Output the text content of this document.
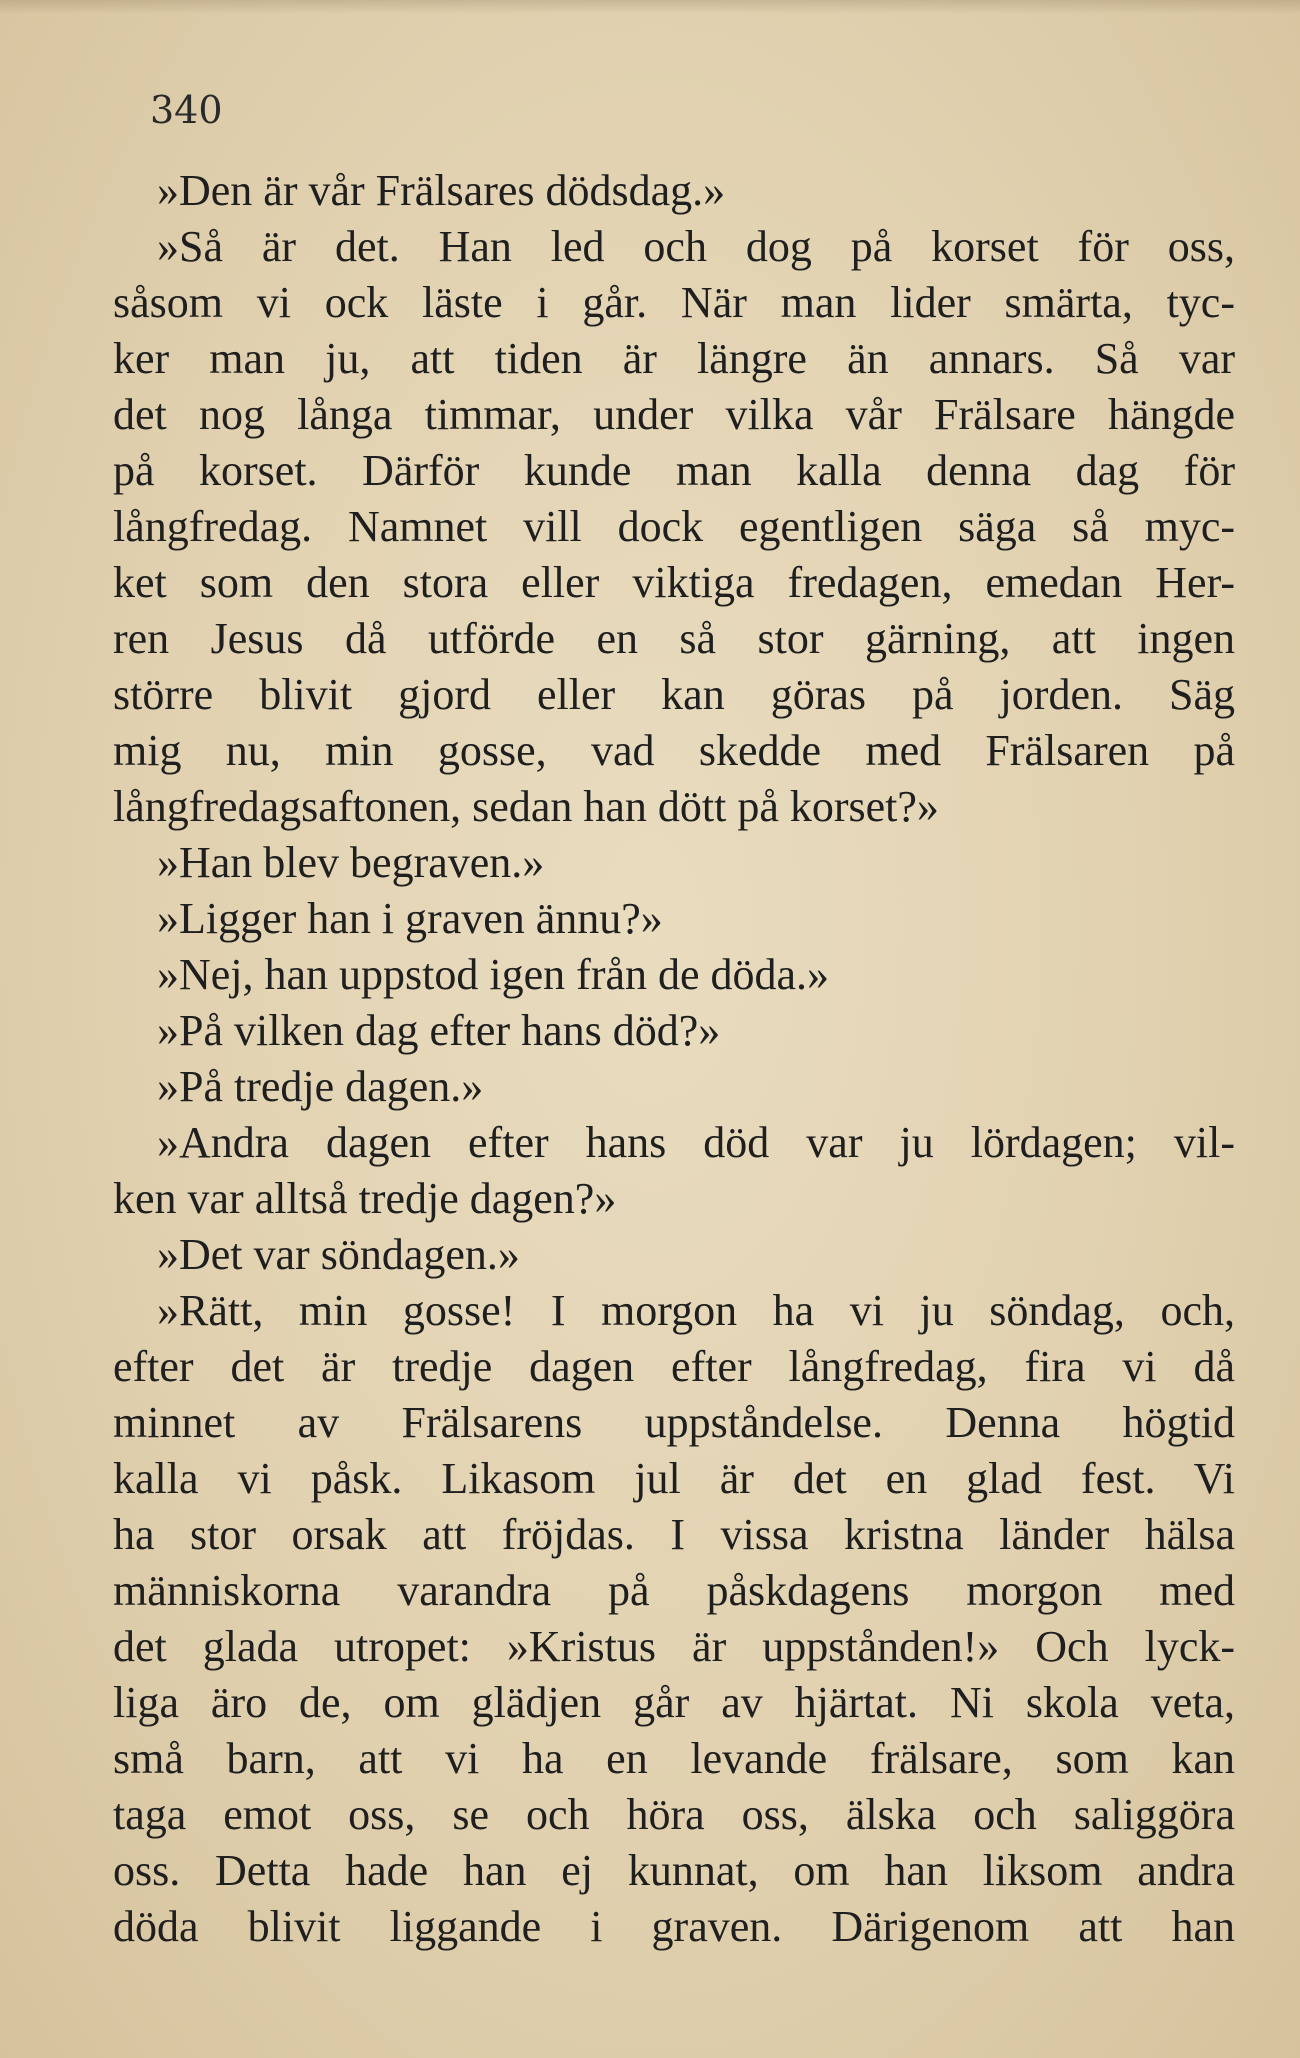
340
»Den är vår Frälsares dödsdag.»
»Så är det. Han led och dog på korset för oss,
såsom vi ock läste i går. När man lider smärta, tyc-
ker man ju, att tiden är längre än annars. Så var
det nog långa timmar, under vilka vår Frälsare hängde
på korset. Därför kunde man kalla denna dag för
långfredag. Namnet vill dock egentligen säga så myc-
ket som den stora eller viktiga fredagen, emedan Her-
ren Jesus då utförde en så stor gärning, att ingen
större blivit gjord eller kan göras på jorden. Säg
mig nu, min gosse, vad skedde med Frälsaren på
långfredagsaftonen, sedan han dött på korset?»
»Han blev begraven.»
»Ligger han i graven ännu?»
»Nej, han uppstod igen från de döda.»
»På vilken dag efter hans död?»
»På tredje dagen.»
»Andra dagen efter hans död var ju lördagen; vil-
ken var alltså tredje dagen?»
»Det var söndagen.»
»Rätt, min gosse! I morgon ha vi ju söndag, och,
efter det är tredje dagen efter långfredag, fira vi då
minnet av Frälsarens uppståndelse. Denna högtid
kalla vi påsk. Likasom jul är det en glad fest. Vi
ha stor orsak att fröjdas. I vissa kristna länder hälsa
människorna varandra på påskdagens morgon med
det glada utropet: »Kristus är uppstånden!» Och lyck-
liga äro de, om glädjen går av hjärtat. Ni skola veta,
små barn, att vi ha en levande frälsare, som kan
taga emot oss, se och höra oss, älska och saliggöra
oss. Detta hade han ej kunnat, om han liksom andra
döda blivit liggande i graven. Därigenom att han
